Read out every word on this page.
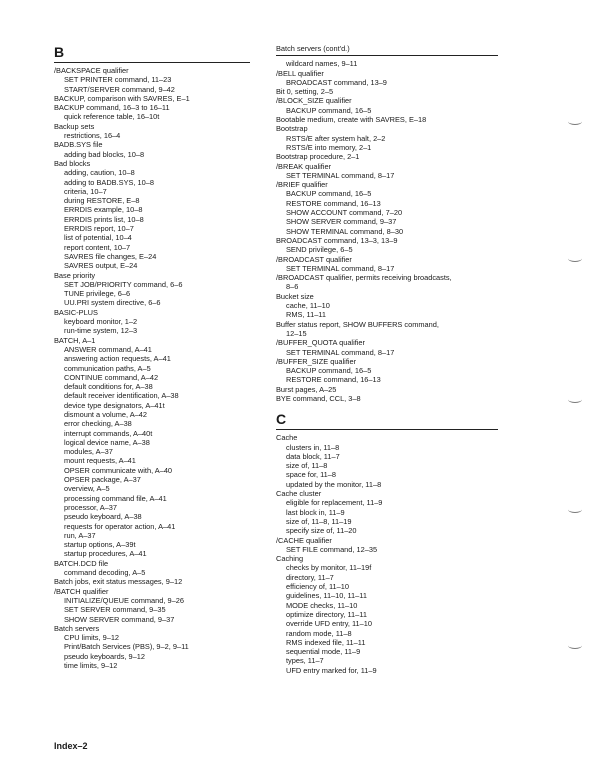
B
/BACKSPACE qualifier
SET PRINTER command, 11–23
START/SERVER command, 9–42
BACKUP, comparison with SAVRES, E–1
BACKUP command, 16–3 to 16–11
quick reference table, 16–10t
Backup sets
restrictions, 16–4
BADB.SYS file
adding bad blocks, 10–8
Bad blocks
adding, caution, 10–8
adding to BADB.SYS, 10–8
criteria, 10–7
during RESTORE, E–8
ERRDIS example, 10–8
ERRDIS prints list, 10–8
ERRDIS report, 10–7
list of potential, 10–4
report content, 10–7
SAVRES file changes, E–24
SAVRES output, E–24
Base priority
SET JOB/PRIORITY command, 6–6
TUNE privilege, 6–6
UU.PRI system directive, 6–6
BASIC-PLUS
keyboard monitor, 1–2
run-time system, 12–3
BATCH, A–1
ANSWER command, A–41
answering action requests, A–41
communication paths, A–5
CONTINUE command, A–42
default conditions for, A–38
default receiver identification, A–38
device type designators, A–41t
dismount a volume, A–42
error checking, A–38
interrupt commands, A–40t
logical device name, A–38
modules, A–37
mount requests, A–41
OPSER communicate with, A–40
OPSER package, A–37
overview, A–5
processing command file, A–41
processor, A–37
pseudo keyboard, A–38
requests for operator action, A–41
run, A–37
startup options, A–39t
startup procedures, A–41
BATCH.DCD file
command decoding, A–5
Batch jobs, exit status messages, 9–12
/BATCH qualifier
INITIALIZE/QUEUE command, 9–26
SET SERVER command, 9–35
SHOW SERVER command, 9–37
Batch servers
CPU limits, 9–12
Print/Batch Services (PBS), 9–2, 9–11
pseudo keyboards, 9–12
time limits, 9–12
Batch servers (cont'd.)
wildcard names, 9–11
/BELL qualifier
BROADCAST command, 13–9
Bit 0, setting, 2–5
/BLOCK_SIZE qualifier
BACKUP command, 16–5
Bootable medium, create with SAVRES, E–18
Bootstrap
RSTS/E after system halt, 2–2
RSTS/E into memory, 2–1
Bootstrap procedure, 2–1
/BREAK qualifier
SET TERMINAL command, 8–17
/BRIEF qualifier
BACKUP command, 16–5
RESTORE command, 16–13
SHOW ACCOUNT command, 7–20
SHOW SERVER command, 9–37
SHOW TERMINAL command, 8–30
BROADCAST command, 13–3, 13–9
SEND privilege, 6–5
/BROADCAST qualifier
SET TERMINAL command, 8–17
/BROADCAST qualifier, permits receiving broadcasts,
8–6
Bucket size
cache, 11–10
RMS, 11–11
Buffer status report, SHOW BUFFERS command,
12–15
/BUFFER_QUOTA qualifier
SET TERMINAL command, 8–17
/BUFFER_SIZE qualifier
BACKUP command, 16–5
RESTORE command, 16–13
Burst pages, A–25
BYE command, CCL, 3–8
C
Cache
clusters in, 11–8
data block, 11–7
size of, 11–8
space for, 11–8
updated by the monitor, 11–8
Cache cluster
eligible for replacement, 11–9
last block in, 11–9
size of, 11–8, 11–19
specify size of, 11–20
/CACHE qualifier
SET FILE command, 12–35
Caching
checks by monitor, 11–19f
directory, 11–7
efficiency of, 11–10
guidelines, 11–10, 11–11
MODE checks, 11–10
optimize directory, 11–11
override UFD entry, 11–10
random mode, 11–8
RMS indexed file, 11–11
sequential mode, 11–9
types, 11–7
UFD entry marked for, 11–9
Index–2
